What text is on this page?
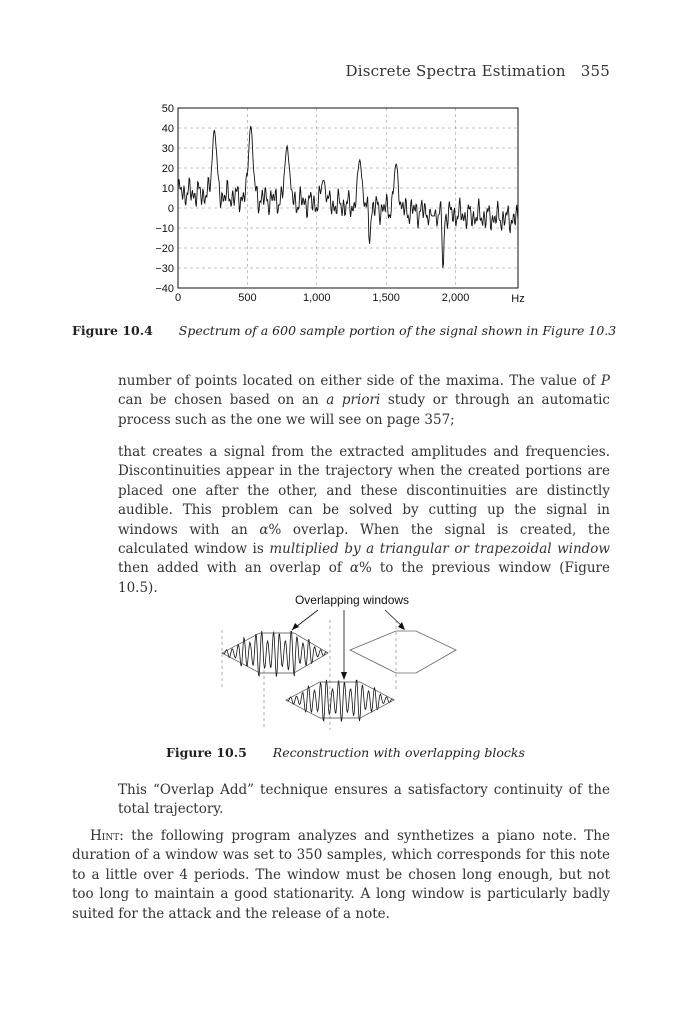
Discrete Spectra Estimation 355
50
40
30
20
10
0
−10
−20
−30
−40
0	500	1,000	1,500	2,000	Hz
Figure 10.4 Spectrum of a 600 sample portion of the signal shown in Figure 10.3

number of points located on either side of the maxima. The value of P can be chosen based on an a priori study or through an automatic process such as the one we will see on page 357;

that creates a signal from the extracted amplitudes and frequencies. Discontinuities appear in the trajectory when the created portions are placed one after the other, and these discontinuities are distinctly audible. This problem can be solved by cutting up the signal in windows with an α% overlap. When the signal is created, the calculated window is multiplied by a triangular or trapezoidal window then added with an overlap of α% to the previous window (Figure 10.5).

Overlapping windows
Figure 10.5 Reconstruction with overlapping blocks

This “Overlap Add” technique ensures a satisfactory continuity of the total trajectory.

Hint: the following program analyzes and synthetizes a piano note. The duration of a window was set to 350 samples, which corresponds for this note to a little over 4 periods. The window must be chosen long enough, but not too long to maintain a good stationarity. A long window is particularly badly suited for the attack and the release of a note.
